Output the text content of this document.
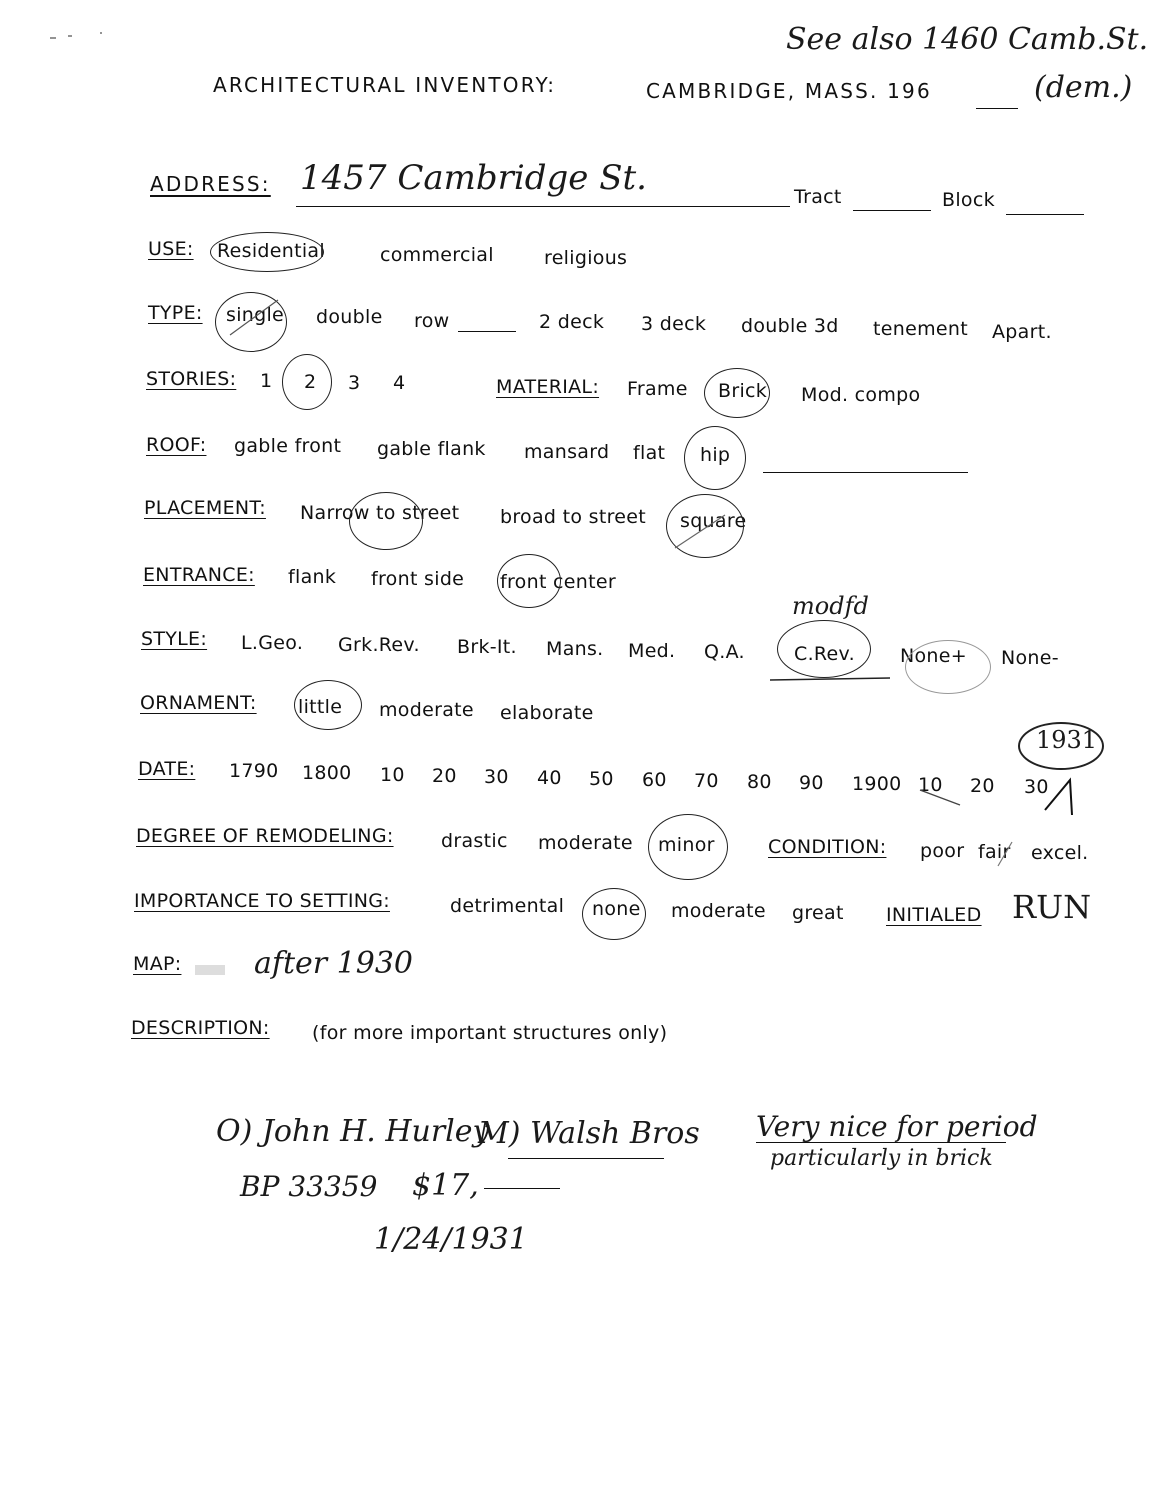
See also 1460 Camb.St.
(dem.)
ARCHITECTURAL INVENTORY:	CAMBRIDGE, MASS. 196
ADDRESS: 1457 Cambridge St.	Tract	Block
USE: Residential	commercial	religious
TYPE: single double row	2 deck 3 deck double 3d tenement Apart.
STORIES: 1 2 3 4	MATERIAL: Frame Brick Mod. compo
ROOF: gable front gable flank mansard flat hip
PLACEMENT: Narrow to street broad to street square
ENTRANCE: flank front side front center
modfd
STYLE: L.Geo. Grk.Rev. Brk-It. Mans. Med. Q.A.	C.Rev. None+ None-
ORNAMENT: little moderate elaborate
DATE: 1790 1800 10 20 30 40 50 60 70 80 90 1900 10 20 30
1931
DEGREE OF REMODELING: drastic moderate minor	CONDITION: poor fair excel.
IMPORTANCE TO SETTING:	detrimental none moderate great INITIALED RUN
MAP: after 1930
DESCRIPTION: (for more important structures only)
O) John H. Hurley
M) Walsh Bros
BP 33359 $17,
1/24/1931
Very nice for period
particularly in brick
